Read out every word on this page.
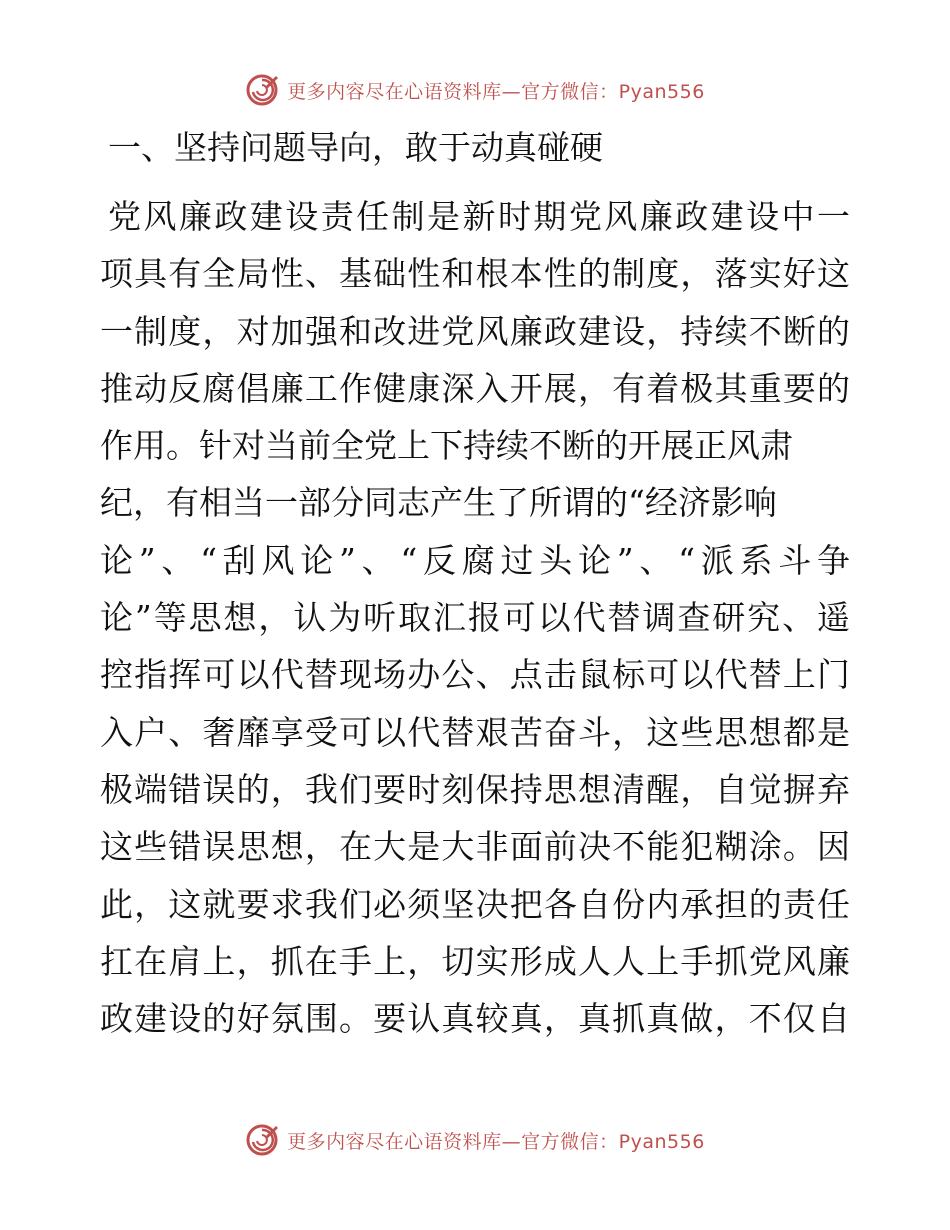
更多内容尽在心语资料库—官方微信：Pyan556
一、坚持问题导向，敢于动真碰硬
党风廉政建设责任制是新时期党风廉政建设中一
项具有全局性、基础性和根本性的制度，落实好这
一制度，对加强和改进党风廉政建设，持续不断的
推动反腐倡廉工作健康深入开展，有着极其重要的
作用。针对当前全党上下持续不断的开展正风肃
纪，有相当一部分同志产生了所谓的“经济影响
论”、“刮风论”、“反腐过头论”、“派系斗争
论”等思想，认为听取汇报可以代替调查研究、遥
控指挥可以代替现场办公、点击鼠标可以代替上门
入户、奢靡享受可以代替艰苦奋斗，这些思想都是
极端错误的，我们要时刻保持思想清醒，自觉摒弃
这些错误思想，在大是大非面前决不能犯糊涂。因
此，这就要求我们必须坚决把各自份内承担的责任
扛在肩上，抓在手上，切实形成人人上手抓党风廉
政建设的好氛围。要认真较真，真抓真做，不仅自
更多内容尽在心语资料库—官方微信：Pyan556
